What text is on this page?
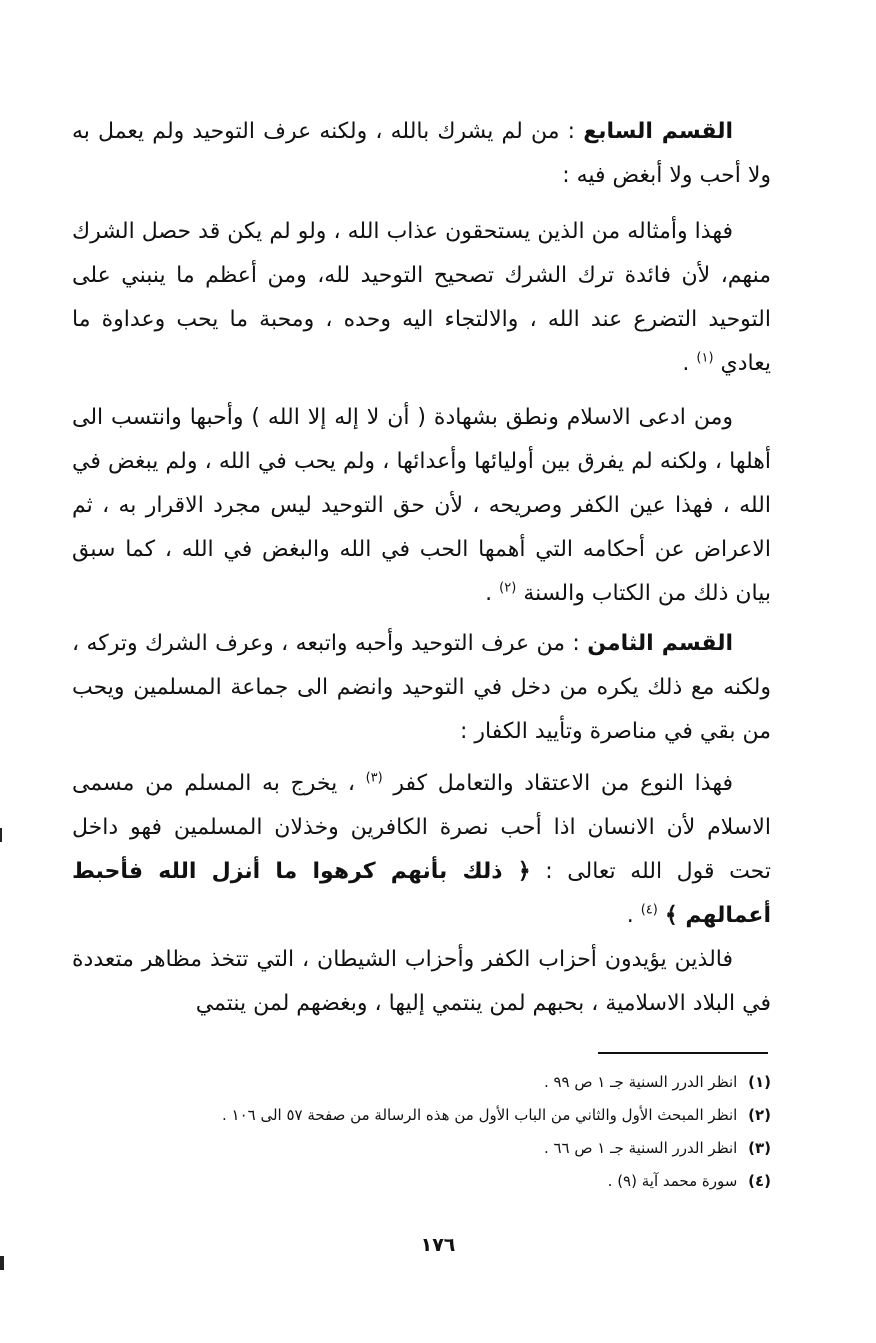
القسم السابع : من لم يشرك بالله ، ولكنه عرف التوحيد ولم يعمل به ولا أحب ولا أبغض فيه :
فهذا وأمثاله من الذين يستحقون عذاب الله ، ولو لم يكن قد حصل الشرك منهم، لأن فائدة ترك الشرك تصحيح التوحيد لله، ومن أعظم ما ينبني على التوحيد التضرع عند الله ، والالتجاء اليه وحده ، ومحبة ما يحب وعداوة ما يعادي $^{(١)}$ .
ومن ادعى الاسلام ونطق بشهادة ( أن لا إله إلا الله ) وأحبها وانتسب الى أهلها ، ولكنه لم يفرق بين أوليائها وأعدائها ، ولم يحب في الله ، ولم يبغض في الله ، فهذا عين الكفر وصريحه ، لأن حق التوحيد ليس مجرد الاقرار به ، ثم الاعراض عن أحكامه التي أهمها الحب في الله والبغض في الله ، كما سبق بيان ذلك من الكتاب والسنة $^{(٢)}$ .
القسم الثامن : من عرف التوحيد وأحبه واتبعه ، وعرف الشرك وتركه ، ولكنه مع ذلك يكره من دخل في التوحيد وانضم الى جماعة المسلمين ويحب من بقي في مناصرة وتأييد الكفار :
فهذا النوع من الاعتقاد والتعامل كفر $^{(٣)}$ ، يخرج به المسلم من مسمى الاسلام لأن الانسان اذا أحب نصرة الكافرين وخذلان المسلمين فهو داخل تحت قول الله تعالى : ﴿ ذلك بأنهم كرهوا ما أنزل الله فأحبط أعمالهم ﴾ $^{(٤)}$ .
فالذين يؤيدون أحزاب الكفر وأحزاب الشيطان ، التي تتخذ مظاهر متعددة في البلاد الاسلامية ، بحبهم لمن ينتمي إليها ، وبغضهم لمن ينتمي
(١) انظر الدرر السنية جـ ١ ص ٩٩ .
(٢) انظر المبحث الأول والثاني من الباب الأول من هذه الرسالة من صفحة ٥٧ الى ١٠٦ .
(٣) انظر الدرر السنية جـ ١ ص ٦٦ .
(٤) سورة محمد آية (٩) .
١٧٦
